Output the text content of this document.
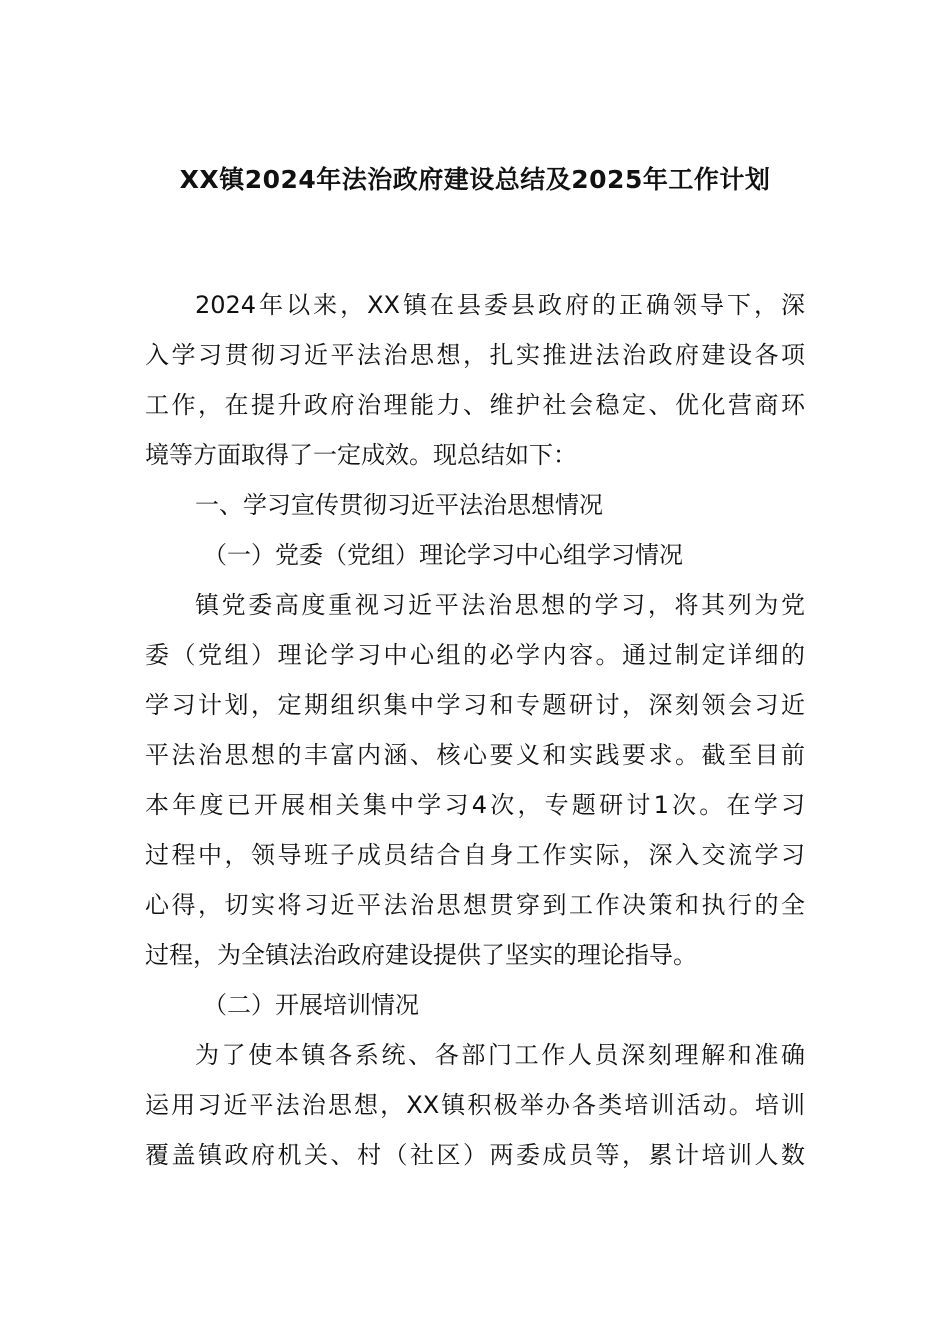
XX镇2024年法治政府建设总结及2025年工作计划
2024年以来，XX镇在县委县政府的正确领导下，深
入学习贯彻习近平法治思想，扎实推进法治政府建设各项
工作，在提升政府治理能力、维护社会稳定、优化营商环
境等方面取得了一定成效。现总结如下：
一、学习宣传贯彻习近平法治思想情况
（一）党委（党组）理论学习中心组学习情况
镇党委高度重视习近平法治思想的学习，将其列为党
委（党组）理论学习中心组的必学内容。通过制定详细的
学习计划，定期组织集中学习和专题研讨，深刻领会习近
平法治思想的丰富内涵、核心要义和实践要求。截至目前
本年度已开展相关集中学习4次，专题研讨1次。在学习
过程中，领导班子成员结合自身工作实际，深入交流学习
心得，切实将习近平法治思想贯穿到工作决策和执行的全
过程，为全镇法治政府建设提供了坚实的理论指导。
（二）开展培训情况
为了使本镇各系统、各部门工作人员深刻理解和准确
运用习近平法治思想，XX镇积极举办各类培训活动。培训
覆盖镇政府机关、村（社区）两委成员等，累计培训人数
